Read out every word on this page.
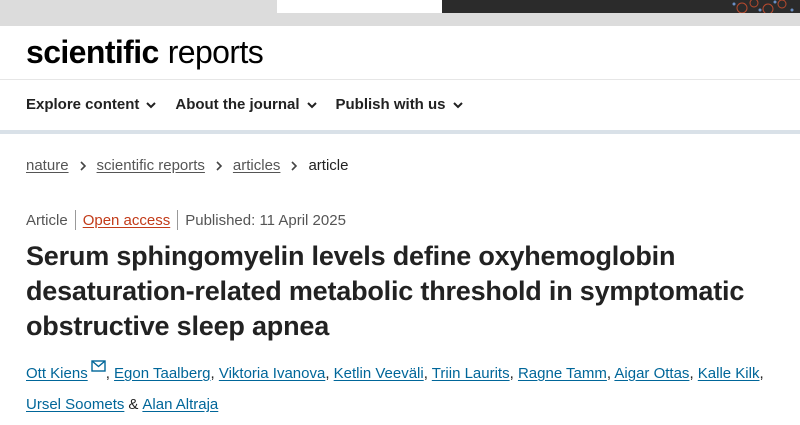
scientific reports
Explore content About the journal Publish with us
nature scientific reports articles article
Article Open access Published: 11 April 2025
Serum sphingomyelin levels define oxyhemoglobin desaturation-related metabolic threshold in symptomatic obstructive sleep apnea
Ott Kiens , Egon Taalberg, Viktoria Ivanova, Ketlin Veeväli, Triin Laurits, Ragne Tamm, Aigar Ottas, Kalle Kilk, Ursel Soomets & Alan Altraja
